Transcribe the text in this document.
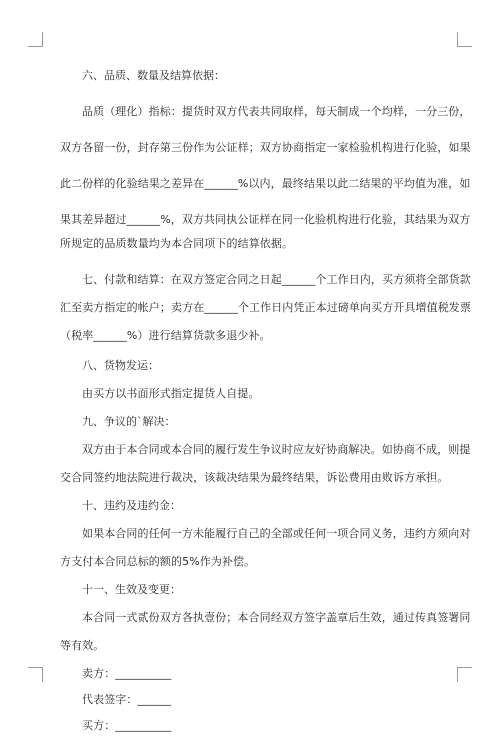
六、品质、数量及结算依据：
品质（理化）指标：提货时双方代表共同取样，每天制成一个均样，一分三份，
双方各留一份，封存第三份作为公证样；双方协商指定一家检验机构进行化验，如果
此二份样的化验结果之差异在______%以内，最终结果以此二结果的平均值为准，如
果其差异超过______%，双方共同执公证样在同一化验机构进行化验，其结果为双方
所规定的品质数量均为本合同项下的结算依据。
七、付款和结算：在双方签定合同之日起______个工作日内，买方须将全部货款
汇至卖方指定的帐户；卖方在______个工作日内凭正本过磅单向买方开具增值税发票
（税率______%）进行结算货款多退少补。
八、货物发运：
由买方以书面形式指定提货人自提。
九、争议的`解决：
双方由于本合同或本合同的履行发生争议时应友好协商解决。如协商不成，则提
交合同签约地法院进行裁决，该裁决结果为最终结果，诉讼费用由败诉方承担。
十、违约及违约金：
如果本合同的任何一方未能履行自己的全部或任何一项合同义务，违约方须向对
方支付本合同总标的额的5%作为补偿。
十一、生效及变更：
本合同一式贰份双方各执壹份；本合同经双方签字盖章后生效，通过传真签署同
等有效。
卖方：__________
代表签字：______
买方：__________
